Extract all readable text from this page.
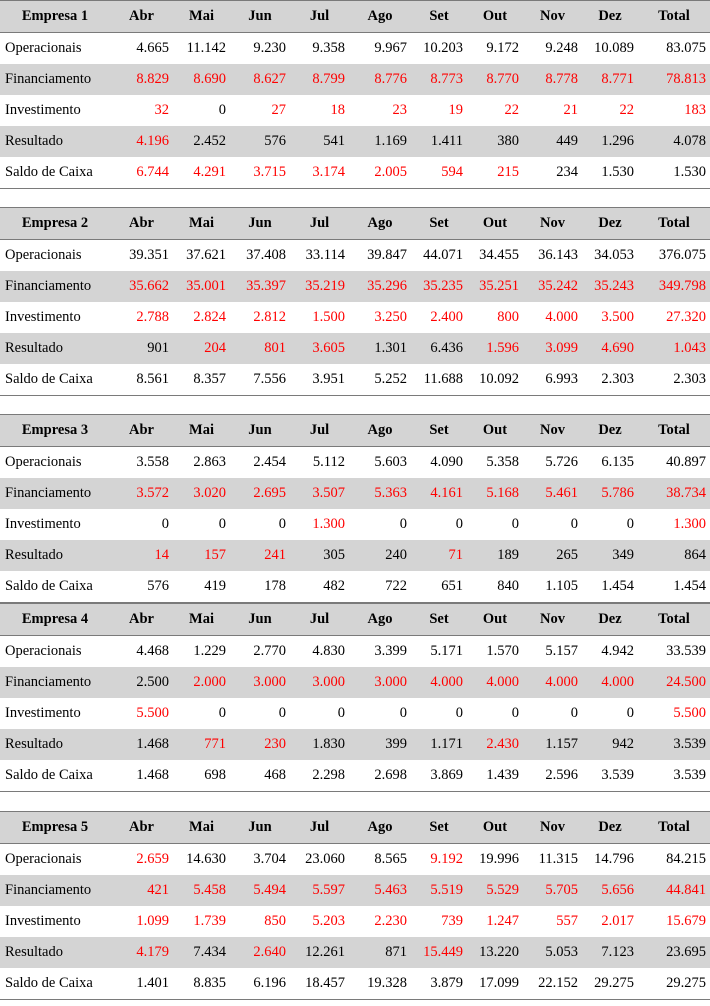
Empresa 1	Abr	Mai	Jun	Jul	Ago	Set	Out	Nov	Dez	Total
Operacionais	4.665	11.142	9.230	9.358	9.967	10.203	9.172	9.248	10.089	83.075
Financiamento	8.829	8.690	8.627	8.799	8.776	8.773	8.770	8.778	8.771	78.813
Investimento	32	0	27	18	23	19	22	21	22	183
Resultado	4.196	2.452	576	541	1.169	1.411	380	449	1.296	4.078
Saldo de Caixa	6.744	4.291	3.715	3.174	2.005	594	215	234	1.530	1.530
Empresa 2	Abr	Mai	Jun	Jul	Ago	Set	Out	Nov	Dez	Total
Operacionais	39.351	37.621	37.408	33.114	39.847	44.071	34.455	36.143	34.053	376.075
Financiamento	35.662	35.001	35.397	35.219	35.296	35.235	35.251	35.242	35.243	349.798
Investimento	2.788	2.824	2.812	1.500	3.250	2.400	800	4.000	3.500	27.320
Resultado	901	204	801	3.605	1.301	6.436	1.596	3.099	4.690	1.043
Saldo de Caixa	8.561	8.357	7.556	3.951	5.252	11.688	10.092	6.993	2.303	2.303
Empresa 3	Abr	Mai	Jun	Jul	Ago	Set	Out	Nov	Dez	Total
Operacionais	3.558	2.863	2.454	5.112	5.603	4.090	5.358	5.726	6.135	40.897
Financiamento	3.572	3.020	2.695	3.507	5.363	4.161	5.168	5.461	5.786	38.734
Investimento	0	0	0	1.300	0	0	0	0	0	1.300
Resultado	14	157	241	305	240	71	189	265	349	864
Saldo de Caixa	576	419	178	482	722	651	840	1.105	1.454	1.454
Empresa 4	Abr	Mai	Jun	Jul	Ago	Set	Out	Nov	Dez	Total
Operacionais	4.468	1.229	2.770	4.830	3.399	5.171	1.570	5.157	4.942	33.539
Financiamento	2.500	2.000	3.000	3.000	3.000	4.000	4.000	4.000	4.000	24.500
Investimento	5.500	0	0	0	0	0	0	0	0	5.500
Resultado	1.468	771	230	1.830	399	1.171	2.430	1.157	942	3.539
Saldo de Caixa	1.468	698	468	2.298	2.698	3.869	1.439	2.596	3.539	3.539
Empresa 5	Abr	Mai	Jun	Jul	Ago	Set	Out	Nov	Dez	Total
Operacionais	2.659	14.630	3.704	23.060	8.565	9.192	19.996	11.315	14.796	84.215
Financiamento	421	5.458	5.494	5.597	5.463	5.519	5.529	5.705	5.656	44.841
Investimento	1.099	1.739	850	5.203	2.230	739	1.247	557	2.017	15.679
Resultado	4.179	7.434	2.640	12.261	871	15.449	13.220	5.053	7.123	23.695
Saldo de Caixa	1.401	8.835	6.196	18.457	19.328	3.879	17.099	22.152	29.275	29.275
